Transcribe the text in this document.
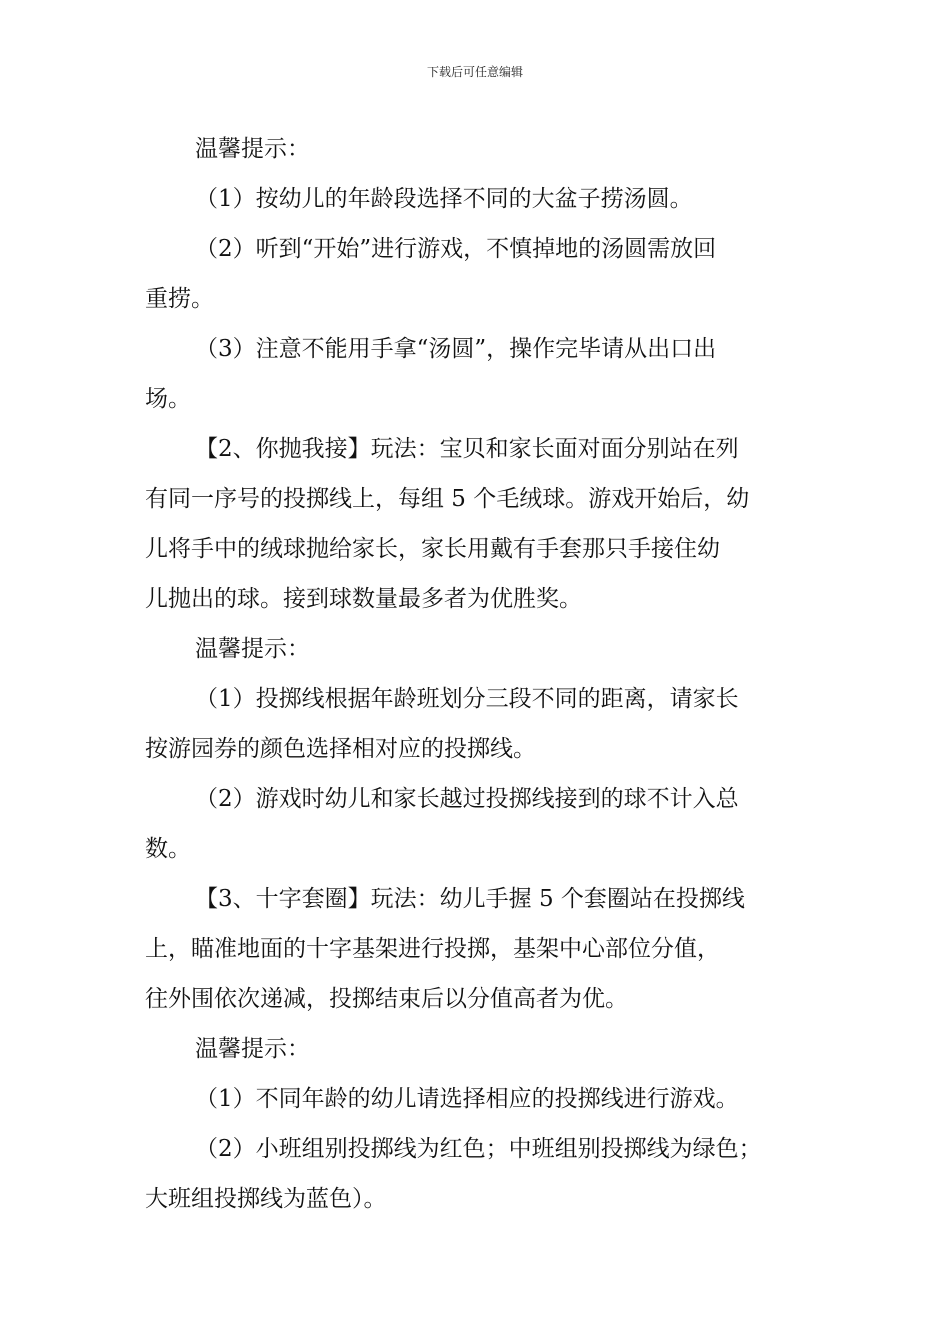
下载后可任意编辑

温馨提示：

（1）按幼儿的年龄段选择不同的大盆子捞汤圆。

（2）听到“开始”进行游戏，不慎掉地的汤圆需放回

重捞。

（3）注意不能用手拿“汤圆”，操作完毕请从出口出

场。

【2、你抛我接】玩法：宝贝和家长面对面分别站在列

有同一序号的投掷线上，每组 5 个毛绒球。游戏开始后，幼

儿将手中的绒球抛给家长，家长用戴有手套那只手接住幼

儿抛出的球。接到球数量最多者为优胜奖。

温馨提示：

（1）投掷线根据年龄班划分三段不同的距离，请家长

按游园券的颜色选择相对应的投掷线。

（2）游戏时幼儿和家长越过投掷线接到的球不计入总

数。

【3、十字套圈】玩法：幼儿手握 5 个套圈站在投掷线

上，瞄准地面的十字基架进行投掷，基架中心部位分值，

往外围依次递减，投掷结束后以分值高者为优。

温馨提示：

（1）不同年龄的幼儿请选择相应的投掷线进行游戏。

（2）小班组别投掷线为红色；中班组别投掷线为绿色；

大班组投掷线为蓝色）。
